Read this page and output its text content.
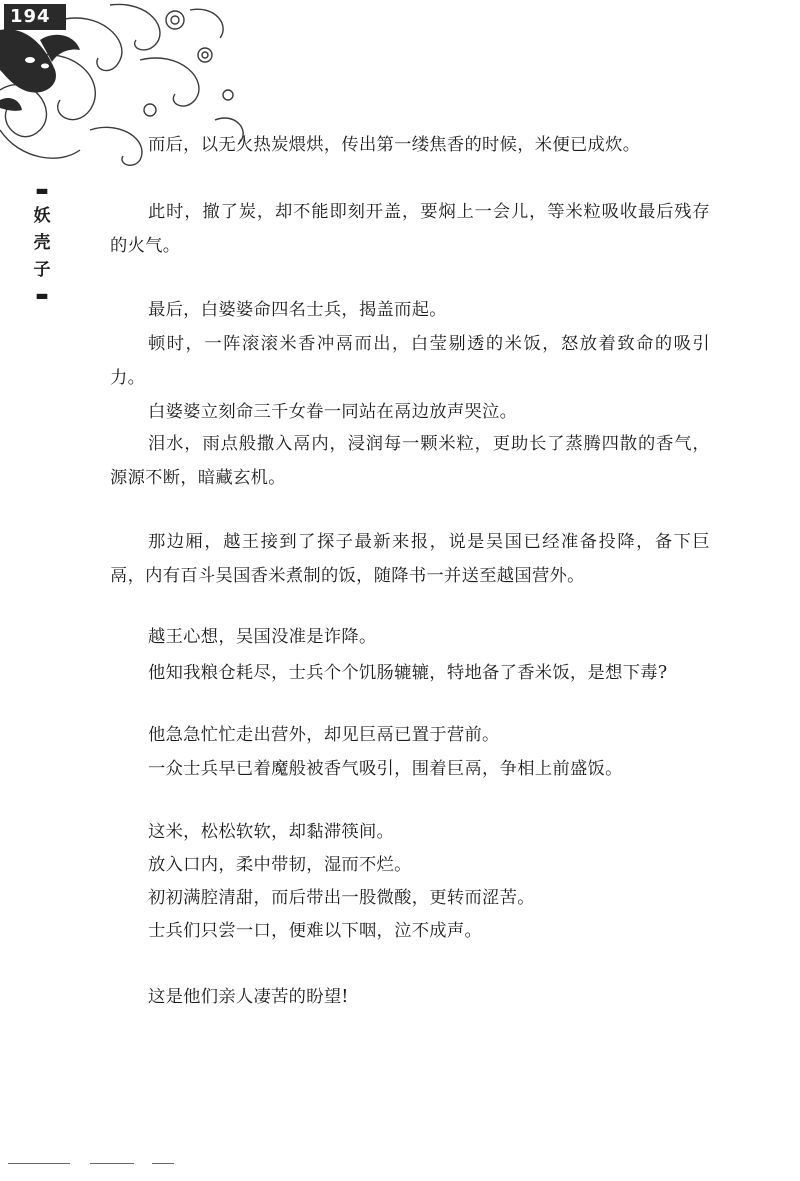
194
▬
妖
壳
子
▬

而后，以无火热炭煨烘，传出第一缕焦香的时候，米便已成炊。

此时，撤了炭，却不能即刻开盖，要焖上一会儿，等米粒吸收最后残存的火气。

最后，白婆婆命四名士兵，揭盖而起。

顿时，一阵滚滚米香冲鬲而出，白莹剔透的米饭，怒放着致命的吸引力。

白婆婆立刻命三千女眷一同站在鬲边放声哭泣。

泪水，雨点般撒入鬲内，浸润每一颗米粒，更助长了蒸腾四散的香气，源源不断，暗藏玄机。

那边厢，越王接到了探子最新来报，说是吴国已经准备投降，备下巨鬲，内有百斗吴国香米煮制的饭，随降书一并送至越国营外。

越王心想，吴国没准是诈降。

他知我粮仓耗尽，士兵个个饥肠辘辘，特地备了香米饭，是想下毒?

他急急忙忙走出营外，却见巨鬲已置于营前。

一众士兵早已着魔般被香气吸引，围着巨鬲，争相上前盛饭。

这米，松松软软，却黏滞筷间。

放入口内，柔中带韧，湿而不烂。

初初满腔清甜，而后带出一股微酸，更转而涩苦。

士兵们只尝一口，便难以下咽，泣不成声。

这是他们亲人凄苦的盼望!
